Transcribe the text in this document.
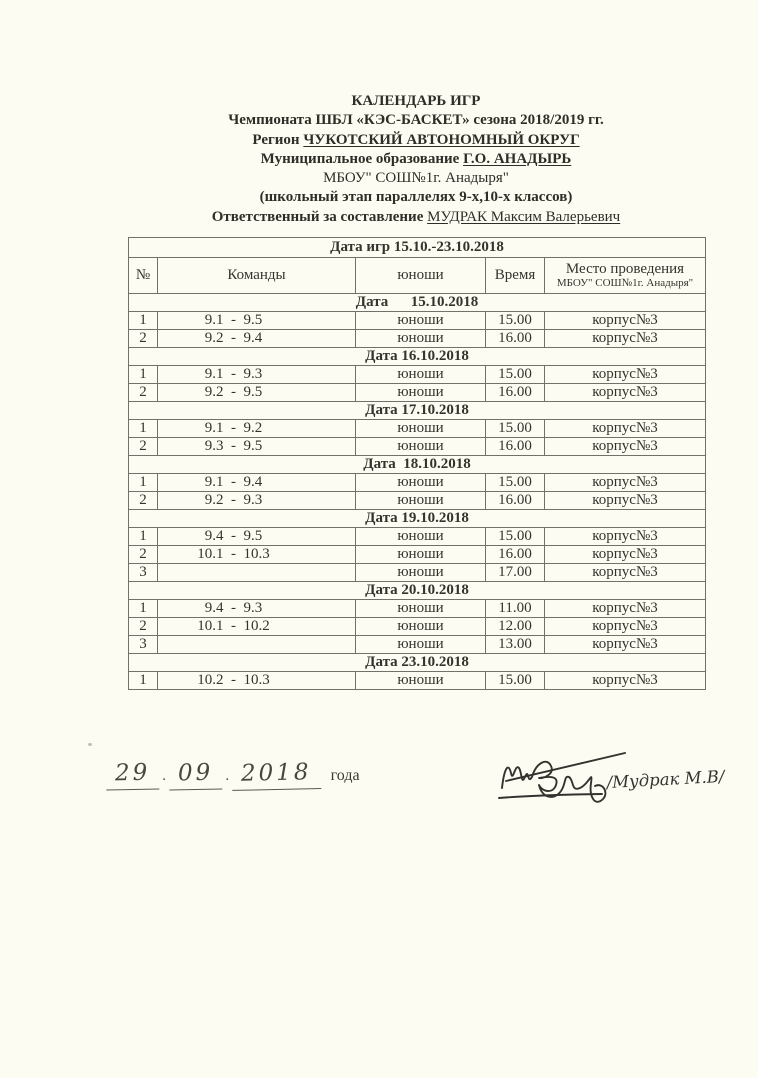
КАЛЕНДАРЬ ИГР
Чемпионата ШБЛ «КЭС-БАСКЕТ» сезона 2018/2019 гг.
Регион ЧУКОТСКИЙ АВТОНОМНЫЙ ОКРУГ
Муниципальное образование Г.О. АНАДЫРЬ
МБОУ" СОШ№1г. Анадыря"
(школьный этап параллелях 9-х,10-х классов)
Ответственный за составление МУДРАК Максим Валерьевич
Дата игр 15.10.-23.10.2018				
№	Команды	юноши	Время	Место проведения
МБОУ" СОШ№1г. Анадыря"

Дата      15.10.2018				
1	9.1  -  9.5	юноши	15.00	корпус№3
2	9.2  -  9.4	юноши	16.00	корпус№3
Дата 16.10.2018				
1	9.1  -  9.3	юноши	15.00	корпус№3
2	9.2  -  9.5	юноши	16.00	корпус№3
Дата 17.10.2018				
1	9.1  -  9.2	юноши	15.00	корпус№3
2	9.3  -  9.5	юноши	16.00	корпус№3
Дата  18.10.2018				
1	9.1  -  9.4	юноши	15.00	корпус№3
2	9.2  -  9.3	юноши	16.00	корпус№3
Дата 19.10.2018				
1	9.4  -  9.5	юноши	15.00	корпус№3
2	10.1  -  10.3	юноши	16.00	корпус№3
3		юноши	17.00	корпус№3
Дата 20.10.2018				
1	9.4  -  9.3	юноши	11.00	корпус№3
2	10.1  -  10.2	юноши	12.00	корпус№3
3		юноши	13.00	корпус№3
Дата 23.10.2018				
1	10.2  -  10.3	юноши	15.00	корпус№3
29 . 09 . 2018	года	/Мудрак М.В/
